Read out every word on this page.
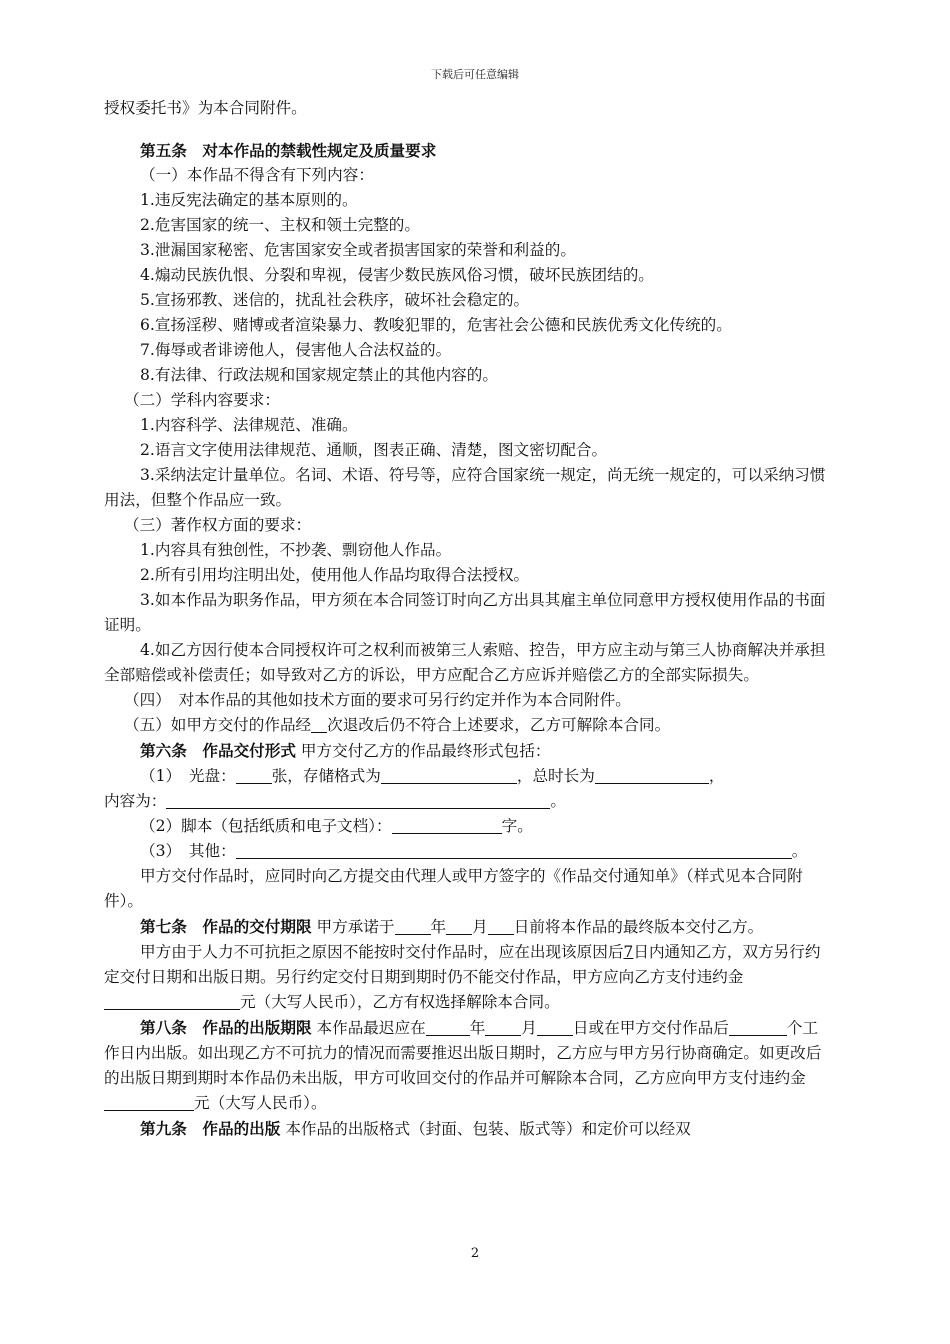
下载后可任意编辑

授权委托书》为本合同附件。

第五条　对本作品的禁载性规定及质量要求

（一）本作品不得含有下列内容：

1.违反宪法确定的基本原则的。

2.危害国家的统一、主权和领土完整的。

3.泄漏国家秘密、危害国家安全或者损害国家的荣誉和利益的。

4.煽动民族仇恨、分裂和卑视，侵害少数民族风俗习惯，破坏民族团结的。

5.宣扬邪教、迷信的，扰乱社会秩序，破坏社会稳定的。

6.宣扬淫秽、赌博或者渲染暴力、教唆犯罪的，危害社会公德和民族优秀文化传统的。

7.侮辱或者诽谤他人，侵害他人合法权益的。

8.有法律、行政法规和国家规定禁止的其他内容的。

（二）学科内容要求：

1.内容科学、法律规范、准确。

2.语言文字使用法律规范、通顺，图表正确、清楚，图文密切配合。

3.采纳法定计量单位。名词、术语、符号等，应符合国家统一规定，尚无统一规定的，可以采纳习惯用法，但整个作品应一致。

（三）著作权方面的要求：

1.内容具有独创性，不抄袭、剽窃他人作品。

2.所有引用均注明出处，使用他人作品均取得合法授权。

3.如本作品为职务作品，甲方须在本合同签订时向乙方出具其雇主单位同意甲方授权使用作品的书面证明。

4.如乙方因行使本合同授权许可之权利而被第三人索赔、控告，甲方应主动与第三人协商解决并承担全部赔偿或补偿责任；如导致对乙方的诉讼，甲方应配合乙方应诉并赔偿乙方的全部实际损失。

（四）　对本作品的其他如技术方面的要求可另行约定并作为本合同附件。

（五）如甲方交付的作品经 次退改后仍不符合上述要求，乙方可解除本合同。

第六条　作品交付形式 甲方交付乙方的作品最终形式包括：

（1）　光盘： 张，存储格式为	，总时长为	，

内容为：	。

（2）脚本（包括纸质和电子文档）：	字。

（3）　其他：	。

甲方交付作品时，应同时向乙方提交由代理人或甲方签字的《作品交付通知单》（样式见本合同附件）。

第七条　作品的交付期限 甲方承诺于 年 月 日前将本作品的最终版本交付乙方。

甲方由于人力不可抗拒之原因不能按时交付作品时，应在出现该原因后7日内通知乙方，双方另行约定交付日期和出版日期。另行约定交付日期到期时仍不能交付作品，甲方应向乙方支付违约金元（大写人民币），乙方有权选择解除本合同。

第八条　作品的出版期限 本作品最迟应在	年 月 日或在甲方交付作品后	个工作日内出版。如出现乙方不可抗力的情况而需要推迟出版日期时，乙方应与甲方另行协商确定。如更改后的出版日期到期时本作品仍未出版，甲方可收回交付的作品并可解除本合同，乙方应向甲方支付违约金元（大写人民币）。

第九条　作品的出版 本作品的出版格式（封面、包装、版式等）和定价可以经双

2
